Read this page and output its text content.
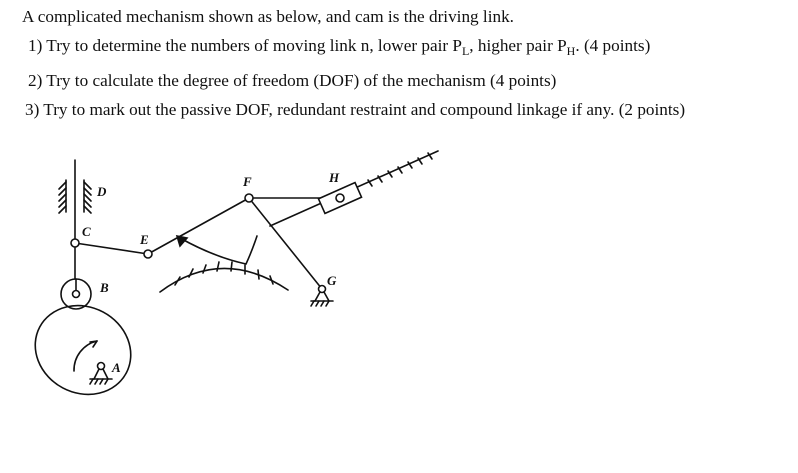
A complicated mechanism shown as below, and cam is the driving link.
1) Try to determine the numbers of moving link n, lower pair $P_L$, higher pair $P_H$. (4 points)
2) Try to calculate the degree of freedom (DOF) of the mechanism (4 points)
3) Try to mark out the passive DOF, redundant restraint and compound linkage if any. (2 points)
A
B
C
D
E
F
G
H
